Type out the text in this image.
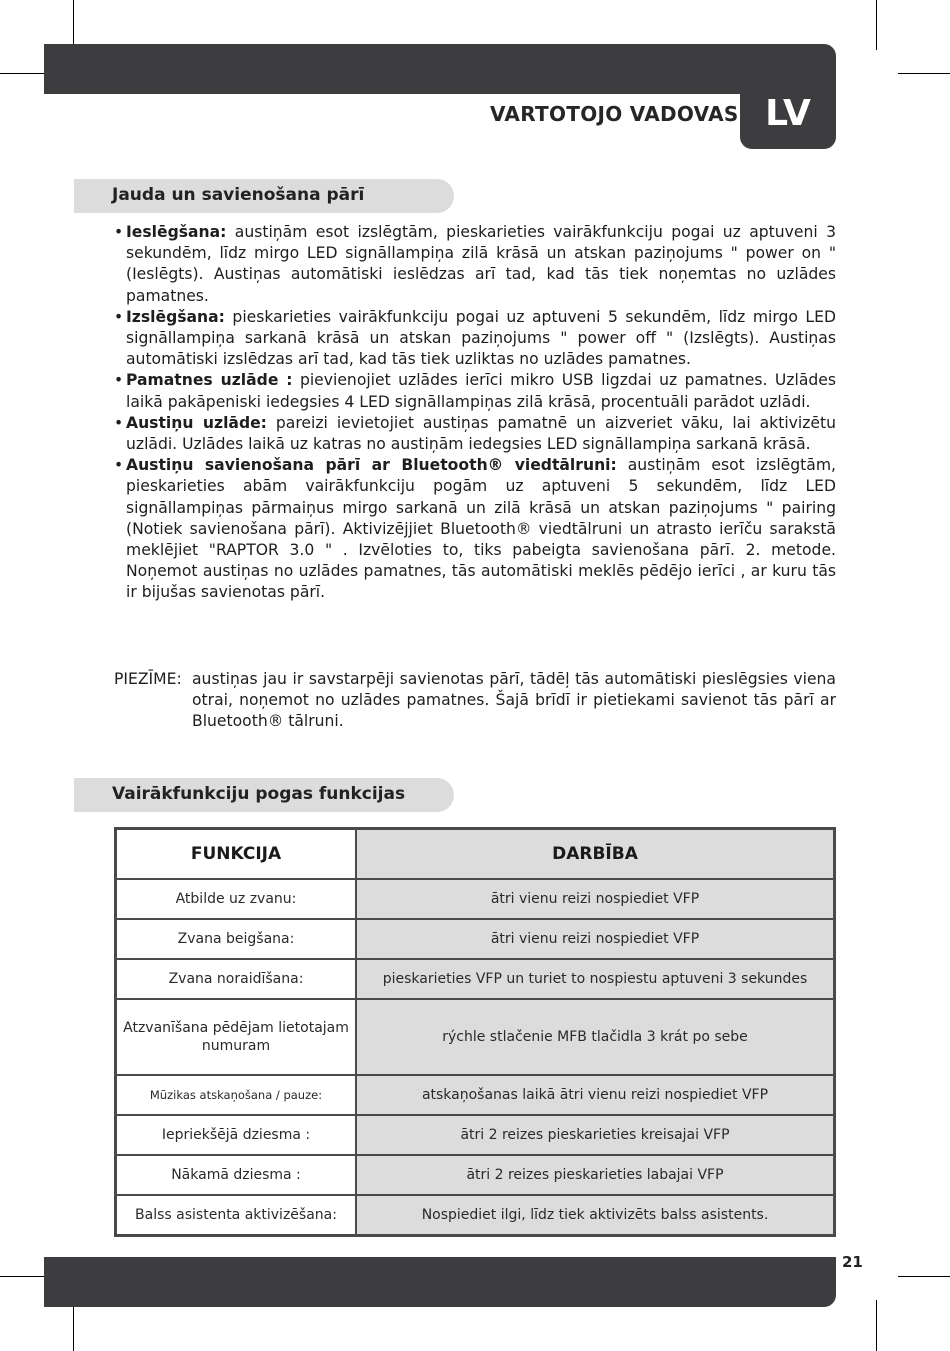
VARTOTOJO VADOVAS LV
Jauda un savienošana pārī
• Ieslēgšana: austiņām esot izslēgtām, pieskarieties vairākfunkciju pogai uz aptuveni 3 sekundēm, līdz mirgo LED signāllampiņa zilā krāsā un atskan paziņojums " power on " (Ieslēgts). Austiņas automātiski ieslēdzas arī tad, kad tās tiek noņemtas no uzlādes pamatnes.
• Izslēgšana: pieskarieties vairākfunkciju pogai uz aptuveni 5 sekundēm, līdz mirgo LED signāllampiņa sarkanā krāsā un atskan paziņojums " power off " (Izslēgts). Austiņas automātiski izslēdzas arī tad, kad tās tiek uzliktas no uzlādes pamatnes.
• Pamatnes uzlāde : pievienojiet uzlādes ierīci mikro USB ligzdai uz pamatnes. Uzlādes laikā pakāpeniski iedegsies 4 LED signāllampiņas zilā krāsā, procentuāli parādot uzlādi.
• Austiņu uzlāde: pareizi ievietojiet austiņas pamatnē un aizveriet vāku, lai aktivizētu uzlādi. Uzlādes laikā uz katras no austiņām iedegsies LED signāllampiņa sarkanā krāsā.
• Austiņu savienošana pārī ar Bluetooth® viedtālruni: austiņām esot izslēgtām, pieskarieties abām vairākfunkciju pogām uz aptuveni 5 sekundēm, līdz LED signāllampiņas pārmaiņus mirgo sarkanā un zilā krāsā un atskan paziņojums " pairing (Notiek savienošana pārī). Aktivizējjiet Bluetooth® viedtālruni un atrasto ierīču sarakstā meklējiet "RAPTOR 3.0 " . Izvēloties to, tiks pabeigta savienošana pārī. 2. metode. Noņemot austiņas no uzlādes pamatnes, tās automātiski meklēs pēdējo ierīci , ar kuru tās ir bijušas savienotas pārī.
PIEZĪME: austiņas jau ir savstarpēji savienotas pārī, tādēļ tās automātiski pieslēgsies viena otrai, noņemot no uzlādes pamatnes. Šajā brīdī ir pietiekami savienot tās pārī ar Bluetooth® tālruni.
Vairākfunkciju pogas funkcijas
FUNKCIJA	DARBĪBA
Atbilde uz zvanu:	ātri vienu reizi nospiediet VFP
Zvana beigšana:	ātri vienu reizi nospiediet VFP
Zvana noraidīšana:	pieskarieties VFP un turiet to nospiestu aptuveni 3 sekundes
Atzvanīšana pēdējam lietotajam numuram	rýchle stlačenie MFB tlačidla 3 krát po sebe
Mūzikas atskaņošana / pauze:	atskaņošanas laikā ātri vienu reizi nospiediet VFP
Iepriekšējā dziesma :	ātri 2 reizes pieskarieties kreisajai VFP
Nākamā dziesma :	ātri 2 reizes pieskarieties labajai VFP
Balss asistenta aktivizēšana:	Nospiediet ilgi, līdz tiek aktivizēts balss asistents.
21
